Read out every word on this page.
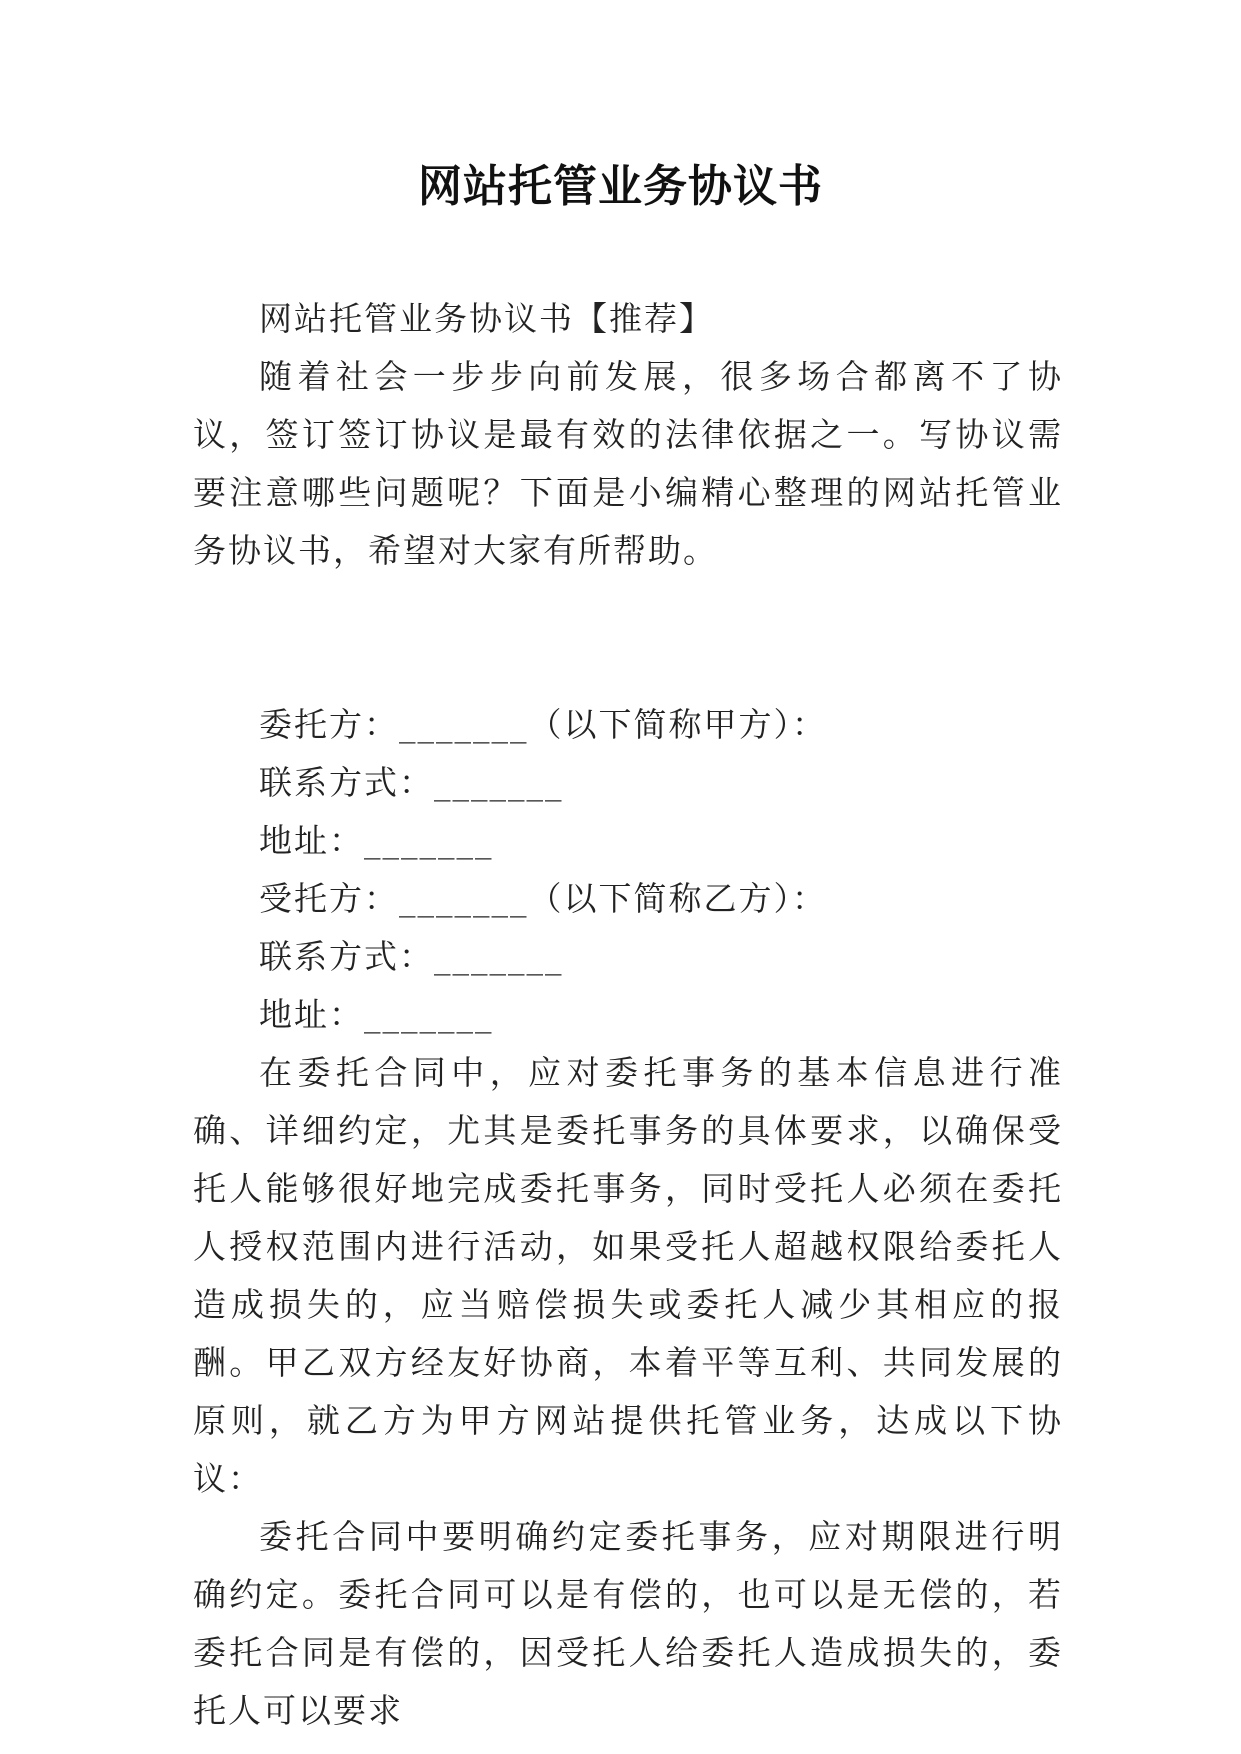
网站托管业务协议书

网站托管业务协议书【推荐】

随着社会一步步向前发展，很多场合都离不了协议，签订签订协议是最有效的法律依据之一。写协议需要注意哪些问题呢？下面是小编精心整理的网站托管业务协议书，希望对大家有所帮助。

委托方：_______（以下简称甲方）：

联系方式：_______

地址：_______

受托方：_______（以下简称乙方）：

联系方式：_______

地址：_______

在委托合同中，应对委托事务的基本信息进行准确、详细约定，尤其是委托事务的具体要求，以确保受托人能够很好地完成委托事务，同时受托人必须在委托人授权范围内进行活动，如果受托人超越权限给委托人造成损失的，应当赔偿损失或委托人减少其相应的报酬。甲乙双方经友好协商，本着平等互利、共同发展的原则，就乙方为甲方网站提供托管业务，达成以下协议：

委托合同中要明确约定委托事务，应对期限进行明确约定。委托合同可以是有偿的，也可以是无偿的，若委托合同是有偿的，因受托人给委托人造成损失的，委托人可以要求
